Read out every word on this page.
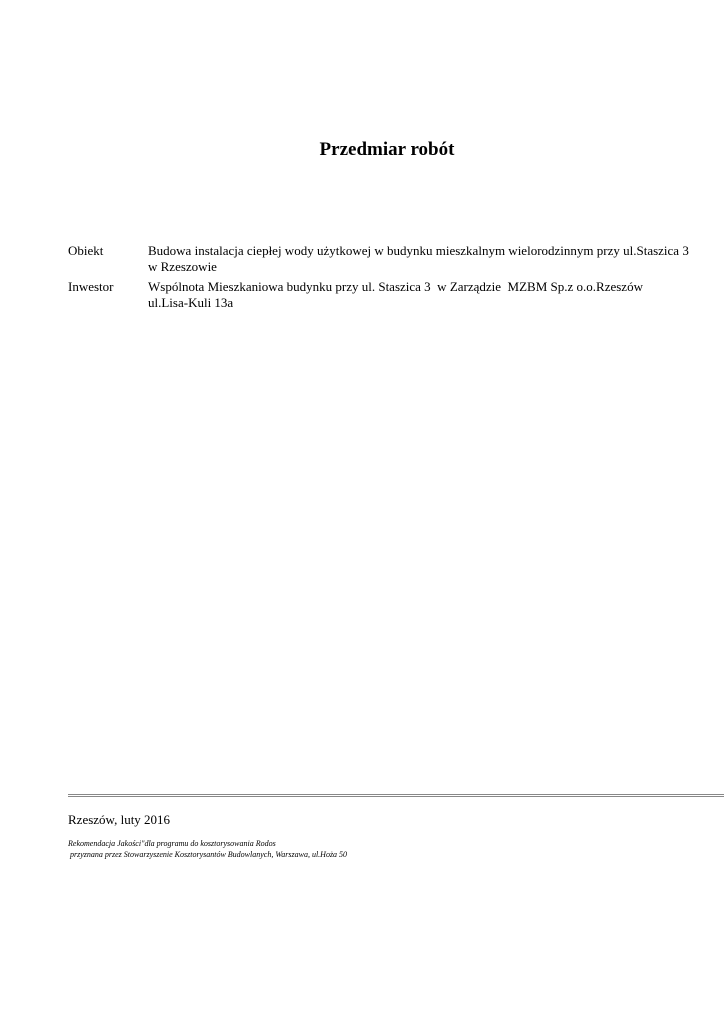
Przedmiar robót
Obiekt	Budowa instalacja ciepłej wody użytkowej w budynku mieszkalnym wielorodzinnym przy ul.Staszica 3
w Rzeszowie
Inwestor	Wspólnota Mieszkaniowa budynku przy ul. Staszica 3  w Zarządzie  MZBM Sp.z o.o.Rzeszów
ul.Lisa-Kuli 13a

Rzeszów, luty 2016

Rekomendacja Jakości"dla programu do kosztorysowania Rodos

przyznana przez Stowarzyszenie Kosztorysantów Budowlanych, Warszawa, ul.Hoża 50
